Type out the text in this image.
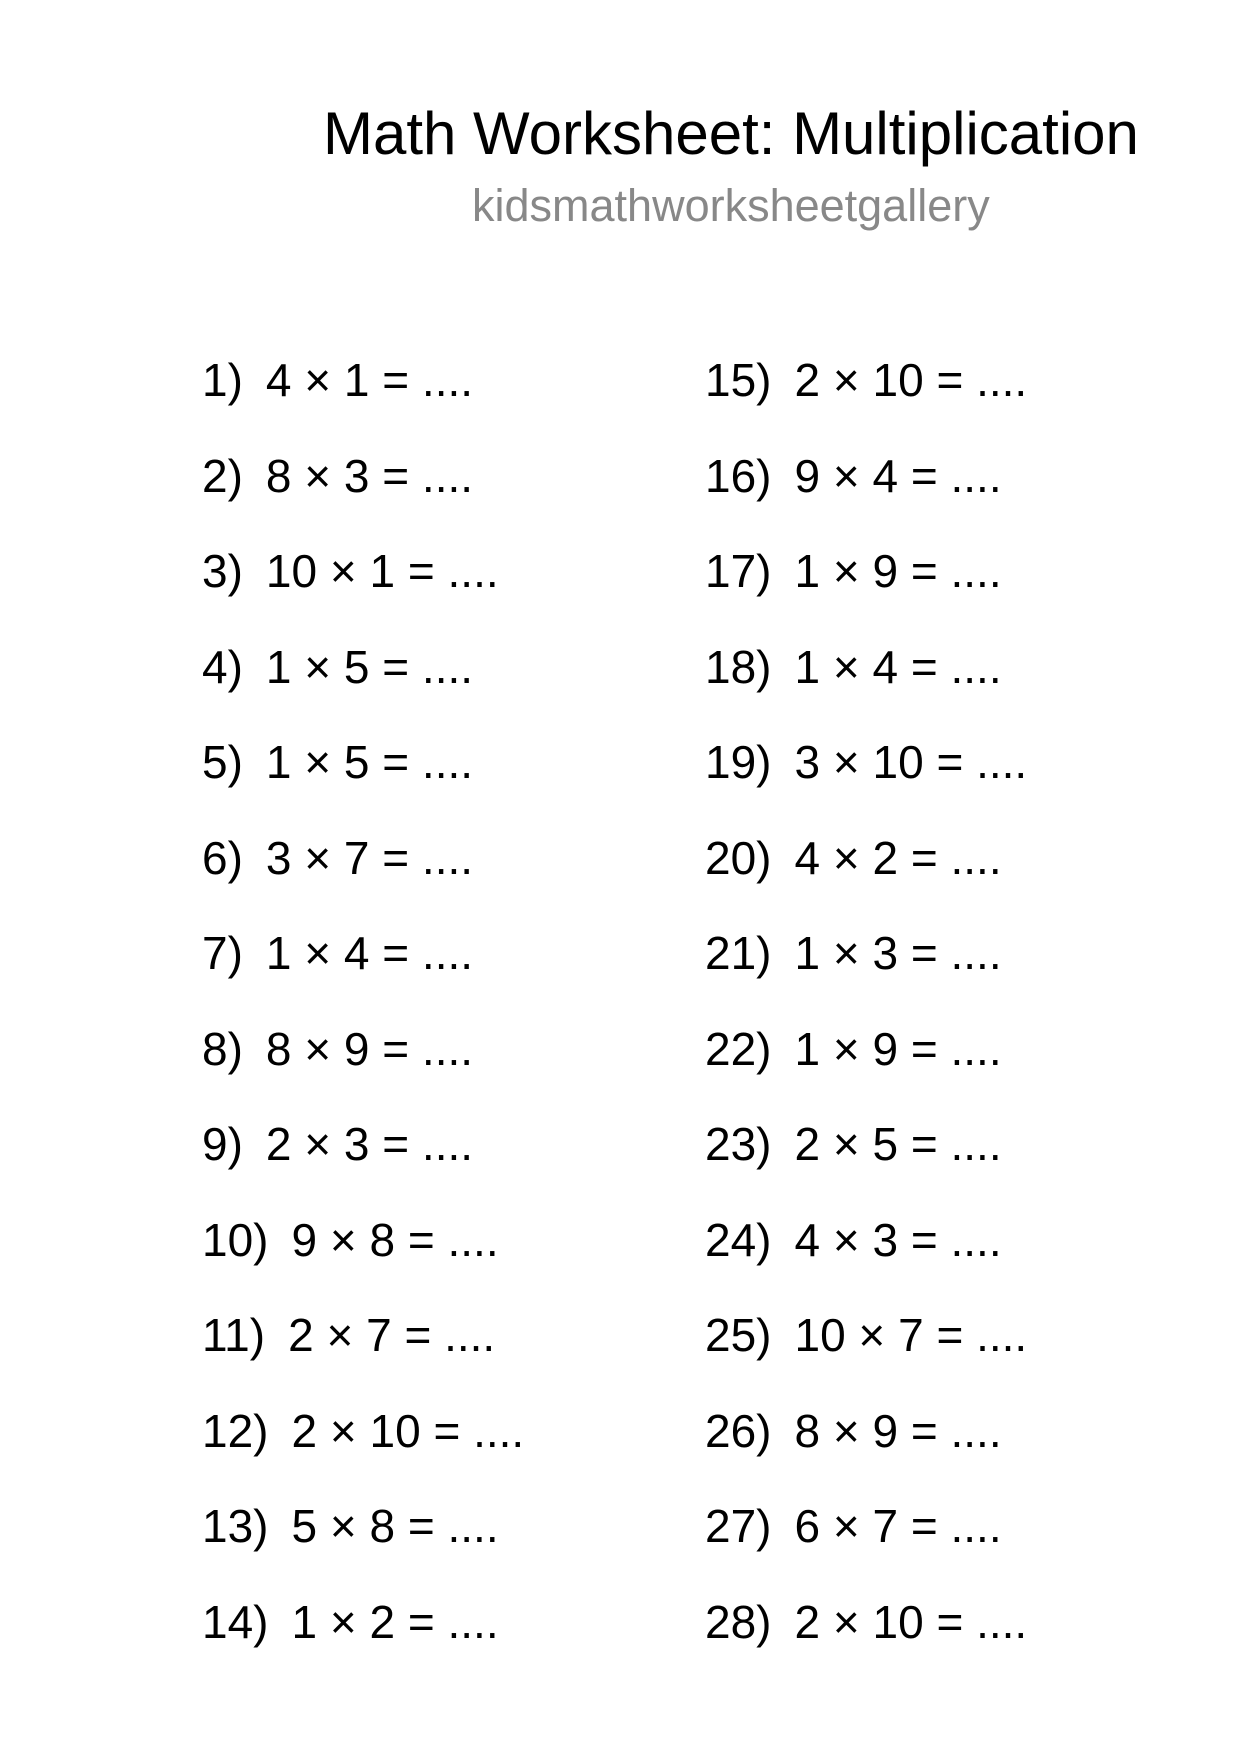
Math Worksheet: Multiplication
kidsmathworksheetgallery
1) 4 × 1 = ....
2) 8 × 3 = ....
3) 10 × 1 = ....
4) 1 × 5 = ....
5) 1 × 5 = ....
6) 3 × 7 = ....
7) 1 × 4 = ....
8) 8 × 9 = ....
9) 2 × 3 = ....
10) 9 × 8 = ....
11) 2 × 7 = ....
12) 2 × 10 = ....
13) 5 × 8 = ....
14) 1 × 2 = ....
15) 2 × 10 = ....
16) 9 × 4 = ....
17) 1 × 9 = ....
18) 1 × 4 = ....
19) 3 × 10 = ....
20) 4 × 2 = ....
21) 1 × 3 = ....
22) 1 × 9 = ....
23) 2 × 5 = ....
24) 4 × 3 = ....
25) 10 × 7 = ....
26) 8 × 9 = ....
27) 6 × 7 = ....
28) 2 × 10 = ....
